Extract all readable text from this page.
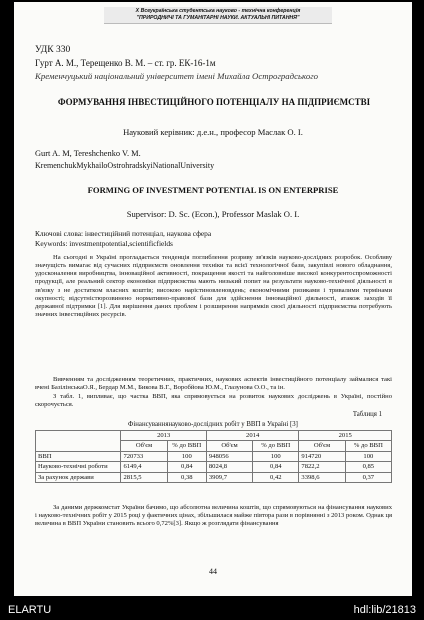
X Всеукраїнська студентська науково - технічна конференція
"ПРИРОДНИЧІ ТА ГУМАНІТАРНІ НАУКИ. АКТУАЛЬНІ ПИТАННЯ"
УДК 330
Гурт А. М., Терещенко В. М. – ст. гр. ЕК-16-1м
Кременчуцький національний університет імені Михайла Остроградського
ФОРМУВАННЯ ІНВЕСТИЦІЙНОГО ПОТЕНЦІАЛУ НА ПІДПРИЄМСТВІ
Науковий керівник: д.е.н., професор Маслак О. І.
Gurt A. M, Tereshchenko V. M.
KremenchukMykhailoOstrohradskyiNationalUniversity
FORMING OF INVESTMENT POTENTIAL IS ON ENTERPRISE
Supervisor: D. Sc. (Econ.), Professor Maslak O. I.
Ключові слова: інвестиційний потенціал, наукова сфера
Keywords: investmentpotential,scientificfields

На сьогодні в Україні прогладається тенденція поглиблення розриву зв'язків науково-дослідних розробок. Особливу значущість вимагає від сучасних підприємств оновлення техніки та всієї технологічної бази, закупівлі нового обладнання, удосконалення виробництва, інноваційної активності, покращення якості та найголовніше високої конкурентоспроможності продукції, але реальний сектор економіки підприємства мають низький попит на результати науково-технічної діяльності в зв'язку з не достатком власних коштів; високою нарістиновленовдень; економічними ризиками і тривалими термінами окупності; відсутністюрозвинено нормативно-правової бази для здійснення інноваційної діяльності, атакож заходів її державної підтримки [1]. Для вирішення даних проблем і розширення напрямків своєї діяльності підприємства потребують значних інвестиційних ресурсів.

Вивченням та дослідженням теоретичних, практичних, наукових аспектів інвестиційного потенціалу займалися такі вчені БазілінськаО.Я., Бердар М.М., Бикова В.Г., Воробйова Ю.М., Глазунова О.О., та ін.

З табл. 1, випливає, що частка ВВП, яка спрямовується на розвиток наукових досліджень в Україні, постійно скорочується.

Таблиця 1
Фінансуваннянауково-дослідних робіт у ВВП в Україні [3]
	2013		2014		2015	
	Об'єм	% до ВВП	Об'єм	% до ВВП	Об'єм	% до ВВП
ВВП	720733	100	948056	100	914720	100
Науково-технічні роботи	6149,4	0,84	8024,8	0,84	7822,2	0,85
За рахунок держави	2815,5	0,38	3909,7	0,42	3398,6	0,37

За даними держкомстат України бачимо, що абсолютна величина коштів, що спрямовуються на фінансування наукових і науково-технічних робіт у 2015 році у фактичних цінах, збільшилася майже півтора рази в порівнянні з 2013 роком. Однак ця величина в ВВП України становить всього 0,72%[3]. Якщо ж розглядати фінансування

44
ELARTU	hdl:lib/21813
